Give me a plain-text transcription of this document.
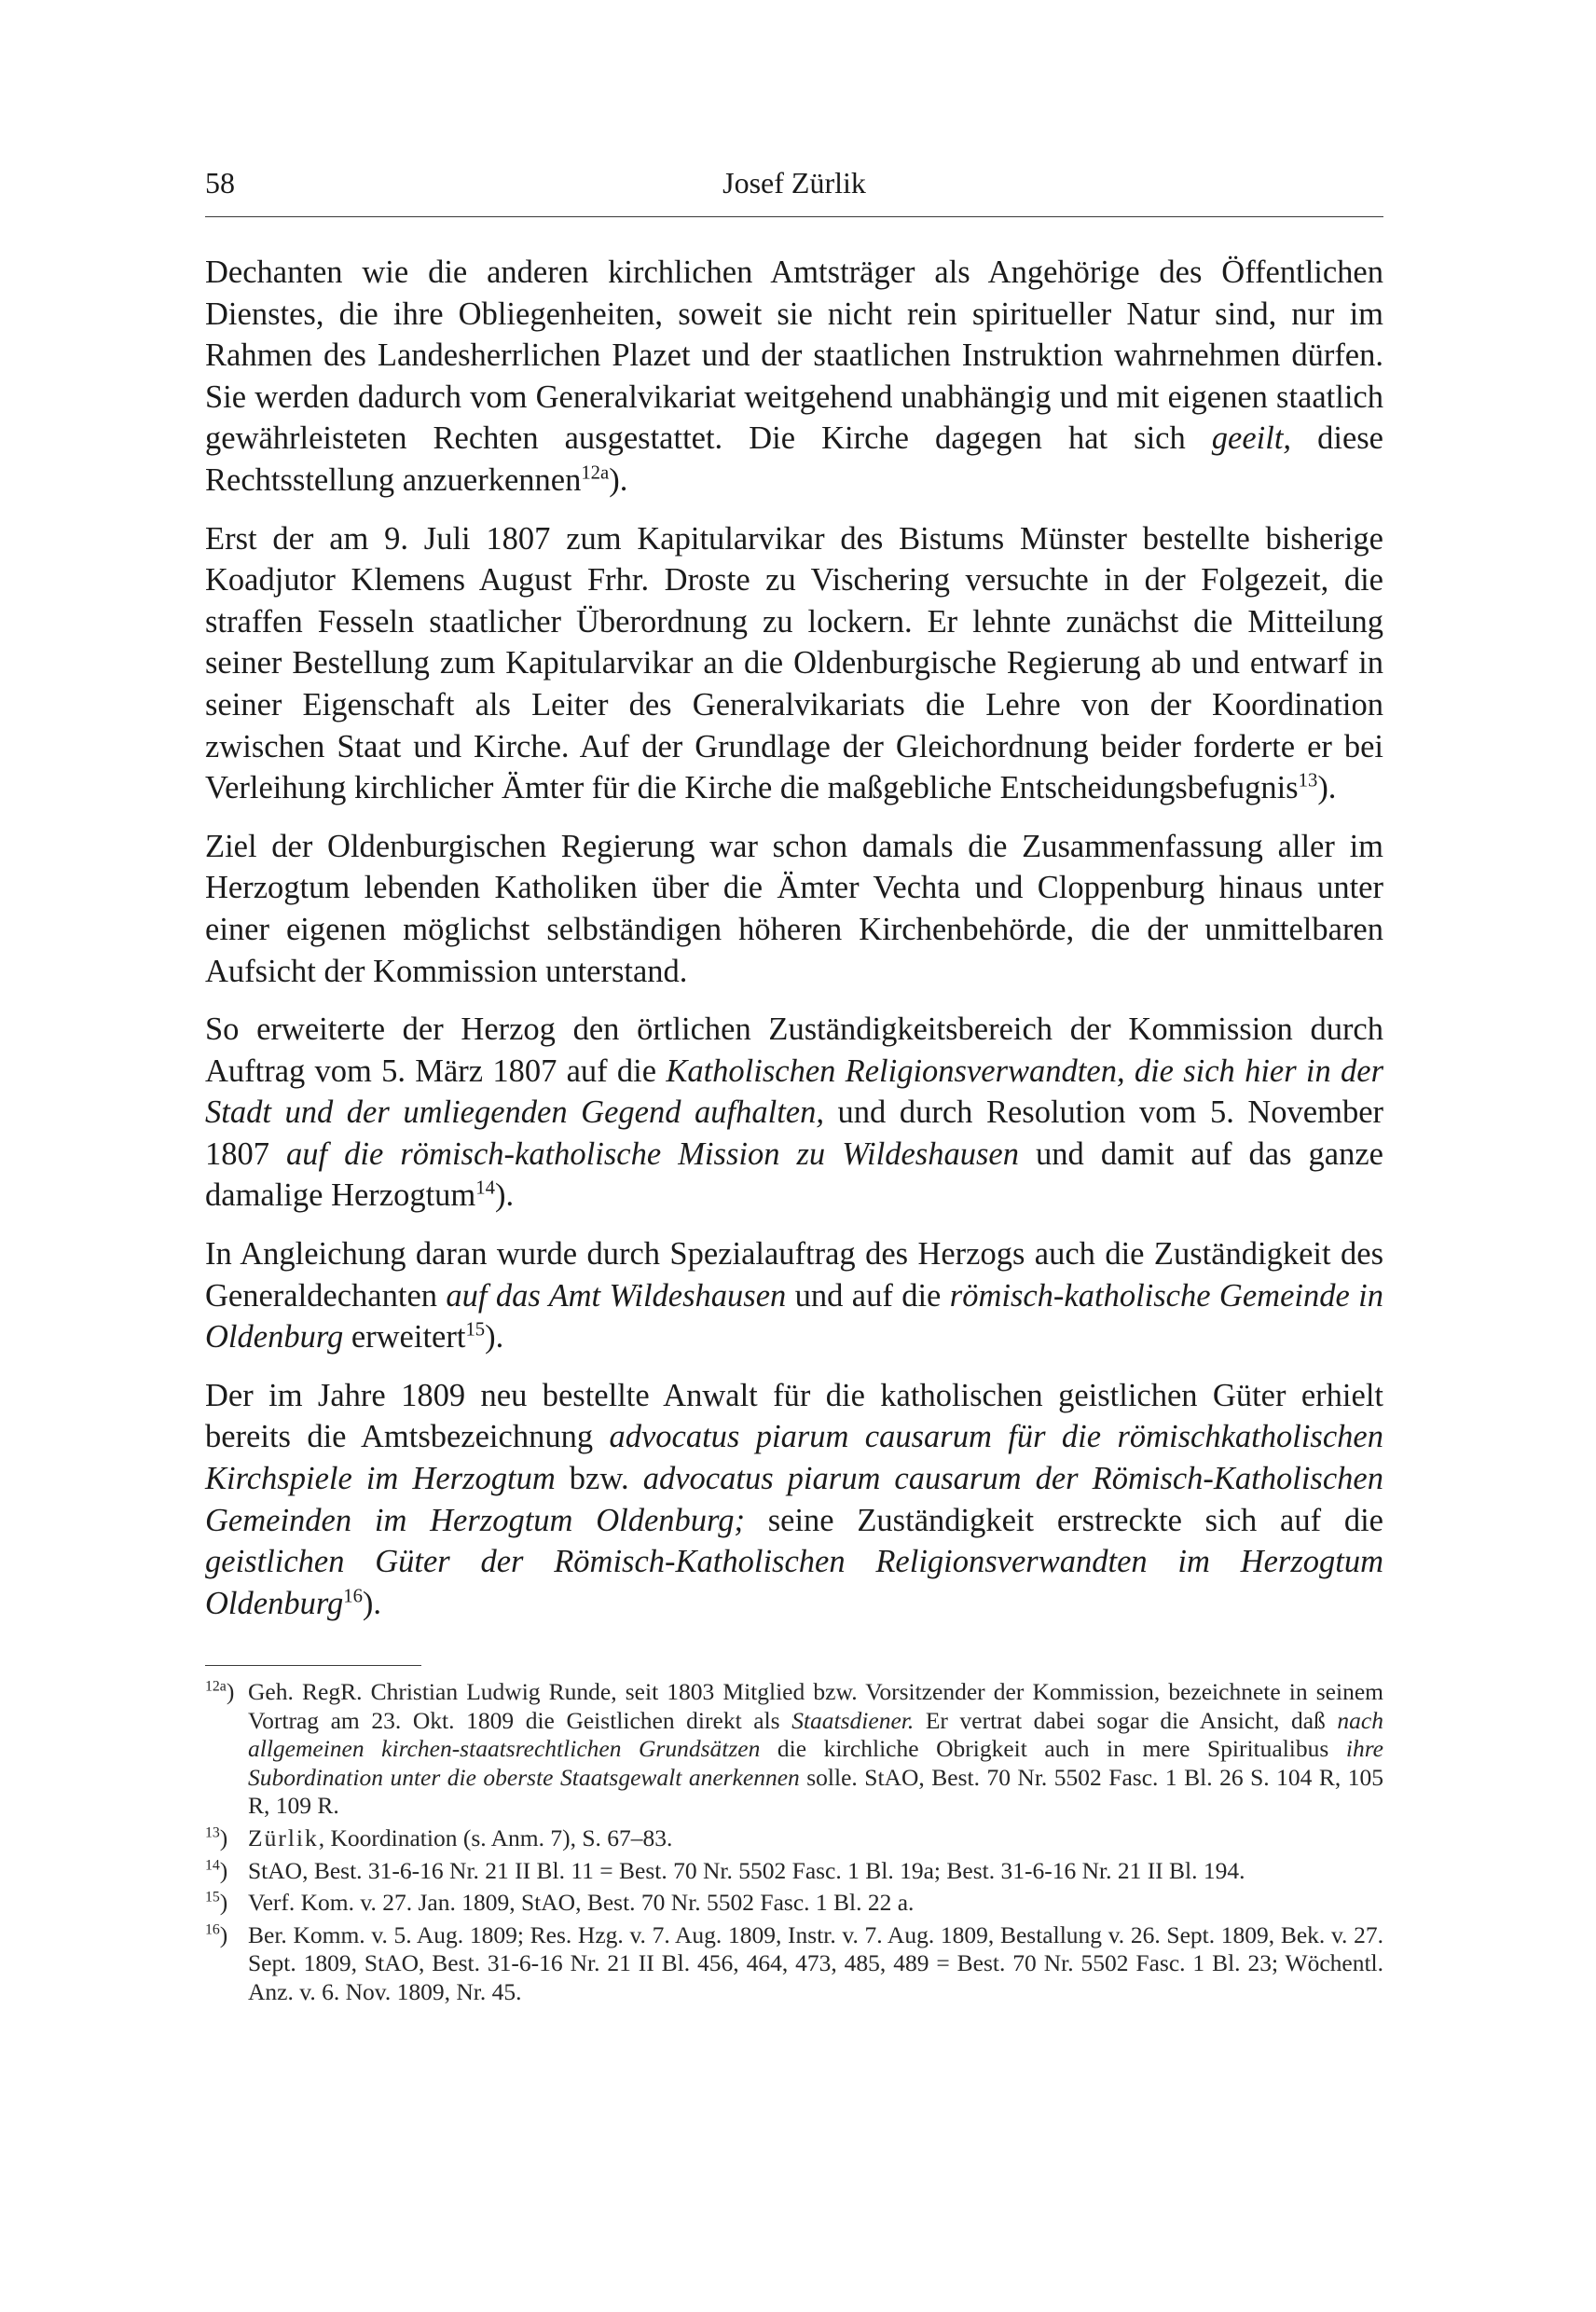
58	Josef Zürlik

Dechanten wie die anderen kirchlichen Amtsträger als Angehörige des Öffentlichen Dienstes, die ihre Obliegenheiten, soweit sie nicht rein spiritueller Natur sind, nur im Rahmen des Landesherrlichen Plazet und der staatlichen Instruktion wahrnehmen dürfen. Sie werden dadurch vom Generalvikariat weitgehend unabhängig und mit eigenen staatlich gewährleisteten Rechten ausgestattet. Die Kirche dagegen hat sich geeilt, diese Rechtsstellung anzuerkennen$^{12a}$).

Erst der am 9. Juli 1807 zum Kapitularvikar des Bistums Münster bestellte bisherige Koadjutor Klemens August Frhr. Droste zu Vischering versuchte in der Folgezeit, die straffen Fesseln staatlicher Überordnung zu lockern. Er lehnte zunächst die Mitteilung seiner Bestellung zum Kapitularvikar an die Oldenburgische Regierung ab und entwarf in seiner Eigenschaft als Leiter des Generalvikariats die Lehre von der Koordination zwischen Staat und Kirche. Auf der Grundlage der Gleichordnung beider forderte er bei Verleihung kirchlicher Ämter für die Kirche die maßgebliche Entscheidungsbefugnis$^{13}$).

Ziel der Oldenburgischen Regierung war schon damals die Zusammenfassung aller im Herzogtum lebenden Katholiken über die Ämter Vechta und Cloppenburg hinaus unter einer eigenen möglichst selbständigen höheren Kirchenbehörde, die der unmittelbaren Aufsicht der Kommission unterstand.

So erweiterte der Herzog den örtlichen Zuständigkeitsbereich der Kommission durch Auftrag vom 5. März 1807 auf die Katholischen Religionsverwandten, die sich hier in der Stadt und der umliegenden Gegend aufhalten, und durch Resolution vom 5. November 1807 auf die römisch-katholische Mission zu Wildeshausen und damit auf das ganze damalige Herzogtum$^{14}$).

In Angleichung daran wurde durch Spezialauftrag des Herzogs auch die Zuständigkeit des Generaldechanten auf das Amt Wildeshausen und auf die römisch-katholische Gemeinde in Oldenburg erweitert$^{15}$).

Der im Jahre 1809 neu bestellte Anwalt für die katholischen geistlichen Güter erhielt bereits die Amtsbezeichnung advocatus piarum causarum für die römischkatholischen Kirchspiele im Herzogtum bzw. advocatus piarum causarum der Römisch-Katholischen Gemeinden im Herzogtum Oldenburg; seine Zuständigkeit erstreckte sich auf die geistlichen Güter der Römisch-Katholischen Religionsverwandten im Herzogtum Oldenburg$^{16}$).

$^{12a}$) Geh. RegR. Christian Ludwig Runde, seit 1803 Mitglied bzw. Vorsitzender der Kommission, bezeichnete in seinem Vortrag am 23. Okt. 1809 die Geistlichen direkt als Staatsdiener. Er vertrat dabei sogar die Ansicht, daß nach allgemeinen kirchen-staatsrechtlichen Grundsätzen die kirchliche Obrigkeit auch in mere Spiritualibus ihre Subordination unter die oberste Staatsgewalt anerkennen solle. StAO, Best. 70 Nr. 5502 Fasc. 1 Bl. 26 S. 104 R, 105 R, 109 R.
$^{13}$) Zürlik, Koordination (s. Anm. 7), S. 67–83.
$^{14}$) StAO, Best. 31-6-16 Nr. 21 II Bl. 11 = Best. 70 Nr. 5502 Fasc. 1 Bl. 19a; Best. 31-6-16 Nr. 21 II Bl. 194.
$^{15}$) Verf. Kom. v. 27. Jan. 1809, StAO, Best. 70 Nr. 5502 Fasc. 1 Bl. 22 a.
$^{16}$) Ber. Komm. v. 5. Aug. 1809; Res. Hzg. v. 7. Aug. 1809, Instr. v. 7. Aug. 1809, Bestallung v. 26. Sept. 1809, Bek. v. 27. Sept. 1809, StAO, Best. 31-6-16 Nr. 21 II Bl. 456, 464, 473, 485, 489 = Best. 70 Nr. 5502 Fasc. 1 Bl. 23; Wöchentl. Anz. v. 6. Nov. 1809, Nr. 45.
